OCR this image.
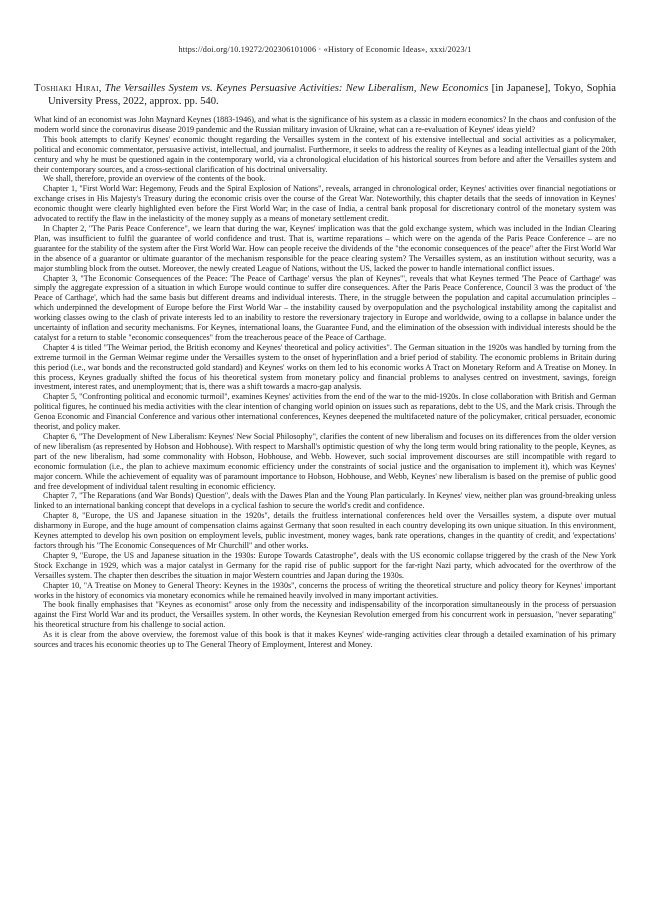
https://doi.org/10.19272/202306101006 · «History of Economic Ideas», xxxi/2023/1
Toshiaki Hirai, The Versailles System vs. Keynes Persuasive Activities: New Liberalism, New Economics [in Japanese], Tokyo, Sophia University Press, 2022, approx. pp. 540.

What kind of an economist was John Maynard Keynes (1883-1946), and what is the significance of his system as a classic in modern economics? In the chaos and confusion of the modern world since the coronavirus disease 2019 pandemic and the Russian military invasion of Ukraine, what can a re-evaluation of Keynes' ideas yield?

This book attempts to clarify Keynes' economic thought regarding the Versailles system in the context of his extensive intellectual and social activities as a policymaker, political and economic commentator, persuasive activist, intellectual, and journalist. Furthermore, it seeks to address the reality of Keynes as a leading intellectual giant of the 20th century and why he must be questioned again in the contemporary world, via a chronological elucidation of his historical sources from before and after the Versailles system and their contemporary sources, and a cross-sectional clarification of his doctrinal universality.

We shall, therefore, provide an overview of the contents of the book.

Chapter 1, "First World War: Hegemony, Feuds and the Spiral Explosion of Nations", reveals, arranged in chronological order, Keynes' activities over financial negotiations or exchange crises in His Majesty's Treasury during the economic crisis over the course of the Great War. Noteworthily, this chapter details that the seeds of innovation in Keynes' economic thought were clearly highlighted even before the First World War; in the case of India, a central bank proposal for discretionary control of the monetary system was advocated to rectify the flaw in the inelasticity of the money supply as a means of monetary settlement credit.

In Chapter 2, "The Paris Peace Conference", we learn that during the war, Keynes' implication was that the gold exchange system, which was included in the Indian Clearing Plan, was insufficient to fulfil the guarantee of world confidence and trust. That is, wartime reparations – which were on the agenda of the Paris Peace Conference – are no guarantee for the stability of the system after the First World War. How can people receive the dividends of the "the economic consequences of the peace" after the First World War in the absence of a guarantor or ultimate guarantor of the mechanism responsible for the peace clearing system? The Versailles system, as an institution without security, was a major stumbling block from the outset. Moreover, the newly created League of Nations, without the US, lacked the power to handle international conflict issues.

Chapter 3, "The Economic Consequences of the Peace: 'The Peace of Carthage' versus 'the plan of Keynes'", reveals that what Keynes termed 'The Peace of Carthage' was simply the aggregate expression of a situation in which Europe would continue to suffer dire consequences. After the Paris Peace Conference, Council 3 was the product of 'the Peace of Carthage', which had the same basis but different dreams and individual interests. There, in the struggle between the population and capital accumulation principles – which underpinned the development of Europe before the First World War – the instability caused by overpopulation and the psychological instability among the capitalist and working classes owing to the clash of private interests led to an inability to restore the reversionary trajectory in Europe and worldwide, owing to a collapse in balance under the uncertainty of inflation and security mechanisms. For Keynes, international loans, the Guarantee Fund, and the elimination of the obsession with individual interests should be the catalyst for a return to stable "economic consequences" from the treacherous peace of the Peace of Carthage.

Chapter 4 is titled "The Weimar period, the British economy and Keynes' theoretical and policy activities". The German situation in the 1920s was handled by turning from the extreme turmoil in the German Weimar regime under the Versailles system to the onset of hyperinflation and a brief period of stability. The economic problems in Britain during this period (i.e., war bonds and the reconstructed gold standard) and Keynes' works on them led to his economic works A Tract on Monetary Reform and A Treatise on Money. In this process, Keynes gradually shifted the focus of his theoretical system from monetary policy and financial problems to analyses centred on investment, savings, foreign investment, interest rates, and unemployment; that is, there was a shift towards a macro-gap analysis.

Chapter 5, "Confronting political and economic turmoil", examines Keynes' activities from the end of the war to the mid-1920s. In close collaboration with British and German political figures, he continued his media activities with the clear intention of changing world opinion on issues such as reparations, debt to the US, and the Mark crisis. Through the Genoa Economic and Financial Conference and various other international conferences, Keynes deepened the multifaceted nature of the policymaker, critical persuader, economic theorist, and policy maker.

Chapter 6, "The Development of New Liberalism: Keynes' New Social Philosophy", clarifies the content of new liberalism and focuses on its differences from the older version of new liberalism (as represented by Hobson and Hobhouse). With respect to Marshall's optimistic question of why the long term would bring rationality to the people, Keynes, as part of the new liberalism, had some commonality with Hobson, Hobhouse, and Webb. However, such social improvement discourses are still incompatible with regard to economic formulation (i.e., the plan to achieve maximum economic efficiency under the constraints of social justice and the organisation to implement it), which was Keynes' major concern. While the achievement of equality was of paramount importance to Hobson, Hobhouse, and Webb, Keynes' new liberalism is based on the premise of public good and free development of individual talent resulting in economic efficiency.

Chapter 7, "The Reparations (and War Bonds) Question", deals with the Dawes Plan and the Young Plan particularly. In Keynes' view, neither plan was ground-breaking unless linked to an international banking concept that develops in a cyclical fashion to secure the world's credit and confidence.

Chapter 8, "Europe, the US and Japanese situation in the 1920s", details the fruitless international conferences held over the Versailles system, a dispute over mutual disharmony in Europe, and the huge amount of compensation claims against Germany that soon resulted in each country developing its own unique situation. In this environment, Keynes attempted to develop his own position on employment levels, public investment, money wages, bank rate operations, changes in the quantity of credit, and 'expectations' factors through his "The Economic Consequences of Mr Churchill" and other works.

Chapter 9, "Europe, the US and Japanese situation in the 1930s: Europe Towards Catastrophe", deals with the US economic collapse triggered by the crash of the New York Stock Exchange in 1929, which was a major catalyst in Germany for the rapid rise of public support for the far-right Nazi party, which advocated for the overthrow of the Versailles system. The chapter then describes the situation in major Western countries and Japan during the 1930s.

Chapter 10, "A Treatise on Money to General Theory: Keynes in the 1930s", concerns the process of writing the theoretical structure and policy theory for Keynes' important works in the history of economics via monetary economics while he remained heavily involved in many important activities.

The book finally emphasises that "Keynes as economist" arose only from the necessity and indispensability of the incorporation simultaneously in the process of persuasion against the First World War and its product, the Versailles system. In other words, the Keynesian Revolution emerged from his concurrent work in persuasion, "never separating" his theoretical structure from his challenge to social action.

As it is clear from the above overview, the foremost value of this book is that it makes Keynes' wide-ranging activities clear through a detailed examination of his primary sources and traces his economic theories up to The General Theory of Employment, Interest and Money.
